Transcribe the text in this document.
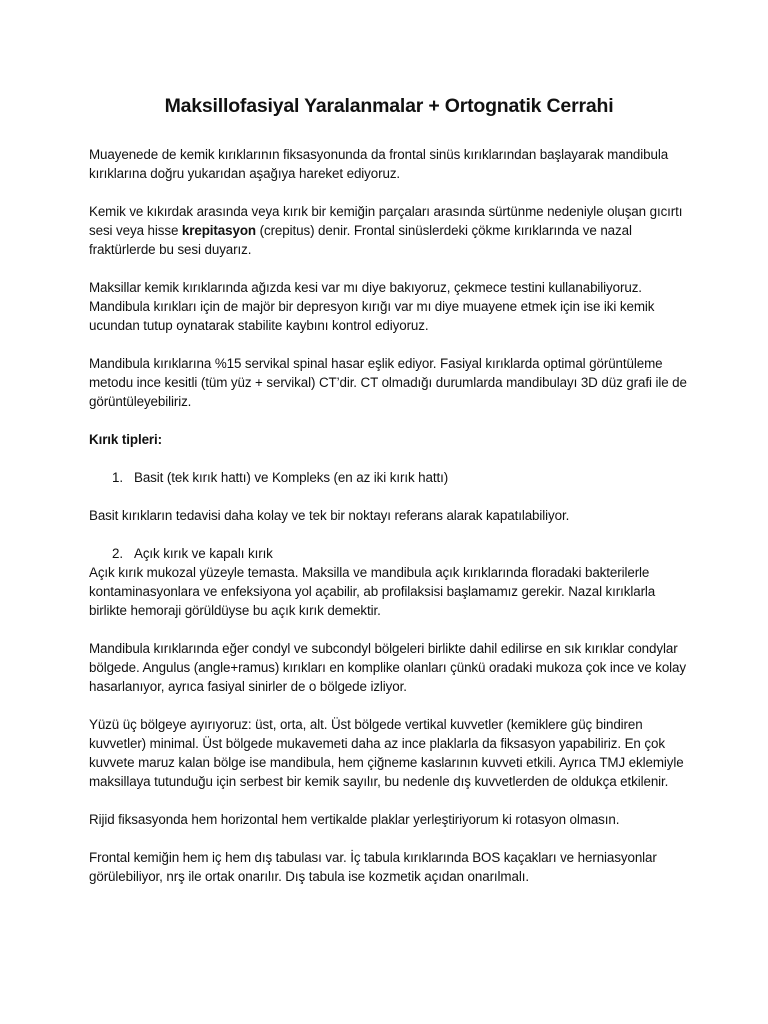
Maksillofasiyal Yaralanmalar + Ortognatik Cerrahi

Muayenede de kemik kırıklarının fiksasyonunda da frontal sinüs kırıklarından başlayarak mandibula kırıklarına doğru yukarıdan aşağıya hareket ediyoruz.

Kemik ve kıkırdak arasında veya kırık bir kemiğin parçaları arasında sürtünme nedeniyle oluşan gıcırtı sesi veya hisse krepitasyon (crepitus) denir. Frontal sinüslerdeki çökme kırıklarında ve nazal fraktürlerde bu sesi duyarız.

Maksillar kemik kırıklarında ağızda kesi var mı diye bakıyoruz, çekmece testini kullanabiliyoruz. Mandibula kırıkları için de majör bir depresyon kırığı var mı diye muayene etmek için ise iki kemik ucundan tutup oynatarak stabilite kaybını kontrol ediyoruz.

Mandibula kırıklarına %15 servikal spinal hasar eşlik ediyor. Fasiyal kırıklarda optimal görüntüleme metodu ince kesitli (tüm yüz + servikal) CT’dir. CT olmadığı durumlarda mandibulayı 3D düz grafi ile de görüntüleyebiliriz.

Kırık tipleri:

1. Basit (tek kırık hattı) ve Kompleks (en az iki kırık hattı)

Basit kırıkların tedavisi daha kolay ve tek bir noktayı referans alarak kapatılabiliyor.

2. Açık kırık ve kapalı kırık

Açık kırık mukozal yüzeyle temasta. Maksilla ve mandibula açık kırıklarında floradaki bakterilerle kontaminasyonlara ve enfeksiyona yol açabilir, ab profilaksisi başlamamız gerekir. Nazal kırıklarla birlikte hemoraji görüldüyse bu açık kırık demektir.

Mandibula kırıklarında eğer condyl ve subcondyl bölgeleri birlikte dahil edilirse en sık kırıklar condylar bölgede. Angulus (angle+ramus) kırıkları en komplike olanları çünkü oradaki mukoza çok ince ve kolay hasarlanıyor, ayrıca fasiyal sinirler de o bölgede izliyor.

Yüzü üç bölgeye ayırıyoruz: üst, orta, alt. Üst bölgede vertikal kuvvetler (kemiklere güç bindiren kuvvetler) minimal. Üst bölgede mukavemeti daha az ince plaklarla da fiksasyon yapabiliriz. En çok kuvvete maruz kalan bölge ise mandibula, hem çiğneme kaslarının kuvveti etkili. Ayrıca TMJ eklemiyle maksillaya tutunduğu için serbest bir kemik sayılır, bu nedenle dış kuvvetlerden de oldukça etkilenir.

Rijid fiksasyonda hem horizontal hem vertikalde plaklar yerleştiriyorum ki rotasyon olmasın.

Frontal kemiğin hem iç hem dış tabulası var. İç tabula kırıklarında BOS kaçakları ve herniasyonlar görülebiliyor, nrş ile ortak onarılır. Dış tabula ise kozmetik açıdan onarılmalı.
